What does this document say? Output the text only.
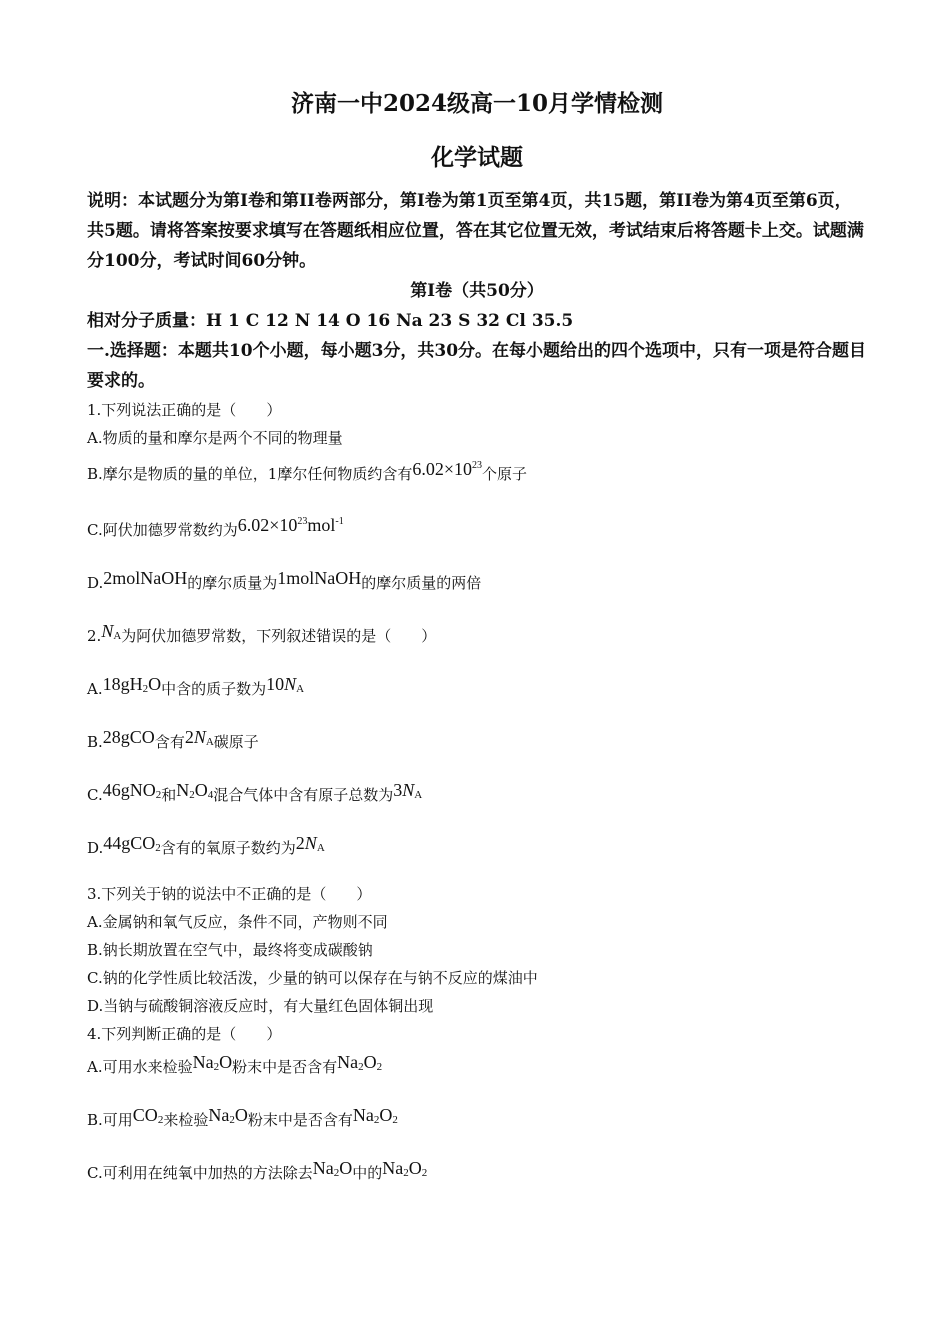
济南一中2024级高一10月学情检测
化学试题
说明：本试题分为第I卷和第II卷两部分，第I卷为第1页至第4页，共15题，第II卷为第4页至第6页，共5题。请将答案按要求填写在答题纸相应位置，答在其它位置无效，考试结束后将答题卡上交。试题满分100分，考试时间60分钟。
第I卷（共50分）
相对分子质量：H 1 C 12 N 14 O 16 Na 23 S 32 Cl 35.5
一.选择题：本题共10个小题，每小题3分，共30分。在每小题给出的四个选项中，只有一项是符合题目要求的。
1.下列说法正确的是（　　）
A.物质的量和摩尔是两个不同的物理量
B.摩尔是物质的量的单位，1摩尔任何物质约含有$6.02\times 10^{23}$个原子
C.阿伏加德罗常数约为$6.02\times 10^{23}mol^{-1}$
D.2molNaOH的摩尔质量为1molNaOH的摩尔质量的两倍
$2.N_A$为阿伏加德罗常数，下列叙述错误的是（　　）
$A.18gH_2O$中含的质子数为$10N_A$
B.28gCO含有$2N_A$碳原子
C.46gNO$_2$和$N_2O_4$混合气体中含有原子总数为$3N_A$
D.44gCO$_2$含有的氧原子数约为$2N_A$
3.下列关于钠的说法中不正确的是（　　）
A.金属钠和氧气反应，条件不同，产物则不同
B.钠长期放置在空气中，最终将变成碳酸钠
C.钠的化学性质比较活泼，少量的钠可以保存在与钠不反应的煤油中
D.当钠与硫酸铜溶液反应时，有大量红色固体铜出现
4.下列判断正确的是（　　）
A.可用水来检验$Na_2O$粉末中是否含有$Na_2O_2$
B.可用$CO_2$来检验$Na_2O$粉末中是否含有$Na_2O_2$
C.可利用在纯氧中加热的方法除去$Na_2O$中的$Na_2O_2$
